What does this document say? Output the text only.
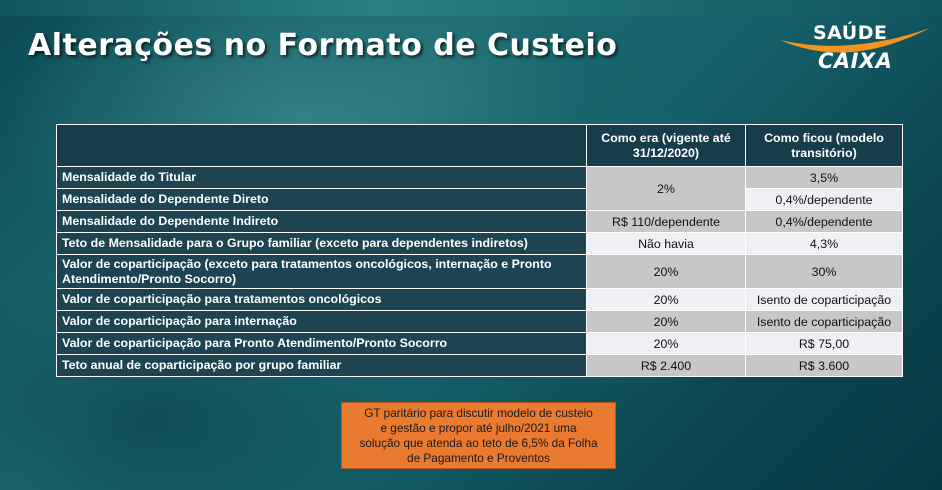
Alterações no Formato de Custeio	SAÚDE
CAIXA
	Como era (vigente até 31/12/2020)	Como ficou (modelo transitório)
Mensalidade do Titular	2%	3,5%
Mensalidade do Dependente Direto		0,4%/dependente
Mensalidade do Dependente Indireto	R$ 110/dependente	0,4%/dependente
Teto de Mensalidade para o Grupo familiar (exceto para dependentes indiretos)	Não havia	4,3%
Valor de coparticipação (exceto para tratamentos oncológicos, internação e Pronto Atendimento/Pronto Socorro)	20%	30%
Valor de coparticipação para tratamentos oncológicos	20%	Isento de coparticipação
Valor de coparticipação para internação	20%	Isento de coparticipação
Valor de coparticipação para Pronto Atendimento/Pronto Socorro	20%	R$ 75,00
Teto anual de coparticipação por grupo familiar	R$ 2.400	R$ 3.600
GT paritário para discutir modelo de custeio
e gestão e propor até julho/2021 uma
solução que atenda ao teto de 6,5% da Folha
de Pagamento e Proventos
